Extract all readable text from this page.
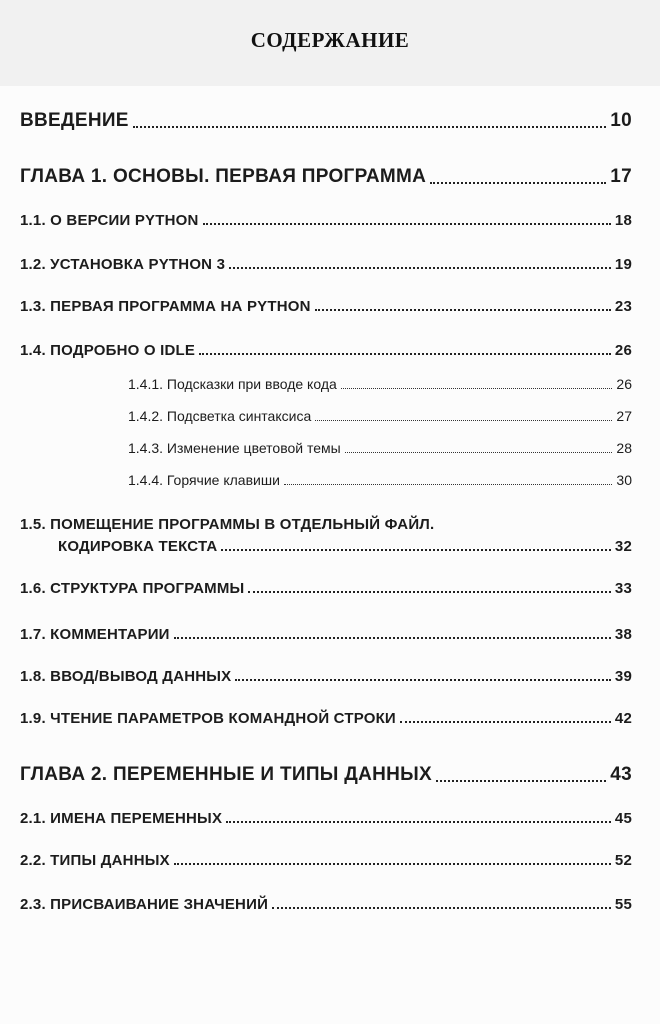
СОДЕРЖАНИЕ
ВВЕДЕНИЕ	10
ГЛАВА 1. ОСНОВЫ. ПЕРВАЯ ПРОГРАММА	17
1.1. О ВЕРСИИ PYTHON	18
1.2. УСТАНОВКА PYTHON 3	19
1.3. ПЕРВАЯ ПРОГРАММА НА PYTHON	23
1.4. ПОДРОБНО О IDLE	26
1.4.1. Подсказки при вводе кода	26
1.4.2. Подсветка синтаксиса	27
1.4.3. Изменение цветовой темы	28
1.4.4. Горячие клавиши	30
1.5. ПОМЕЩЕНИЕ ПРОГРАММЫ В ОТДЕЛЬНЫЙ ФАЙЛ.
КОДИРОВКА ТЕКСТА	32
1.6. СТРУКТУРА ПРОГРАММЫ	33
1.7. КОММЕНТАРИИ	38
1.8. ВВОД/ВЫВОД ДАННЫХ	39
1.9. ЧТЕНИЕ ПАРАМЕТРОВ КОМАНДНОЙ СТРОКИ	42
ГЛАВА 2. ПЕРЕМЕННЫЕ И ТИПЫ ДАННЫХ	43
2.1. ИМЕНА ПЕРЕМЕННЫХ	45
2.2. ТИПЫ ДАННЫХ	52
2.3. ПРИСВАИВАНИЕ ЗНАЧЕНИЙ	55
